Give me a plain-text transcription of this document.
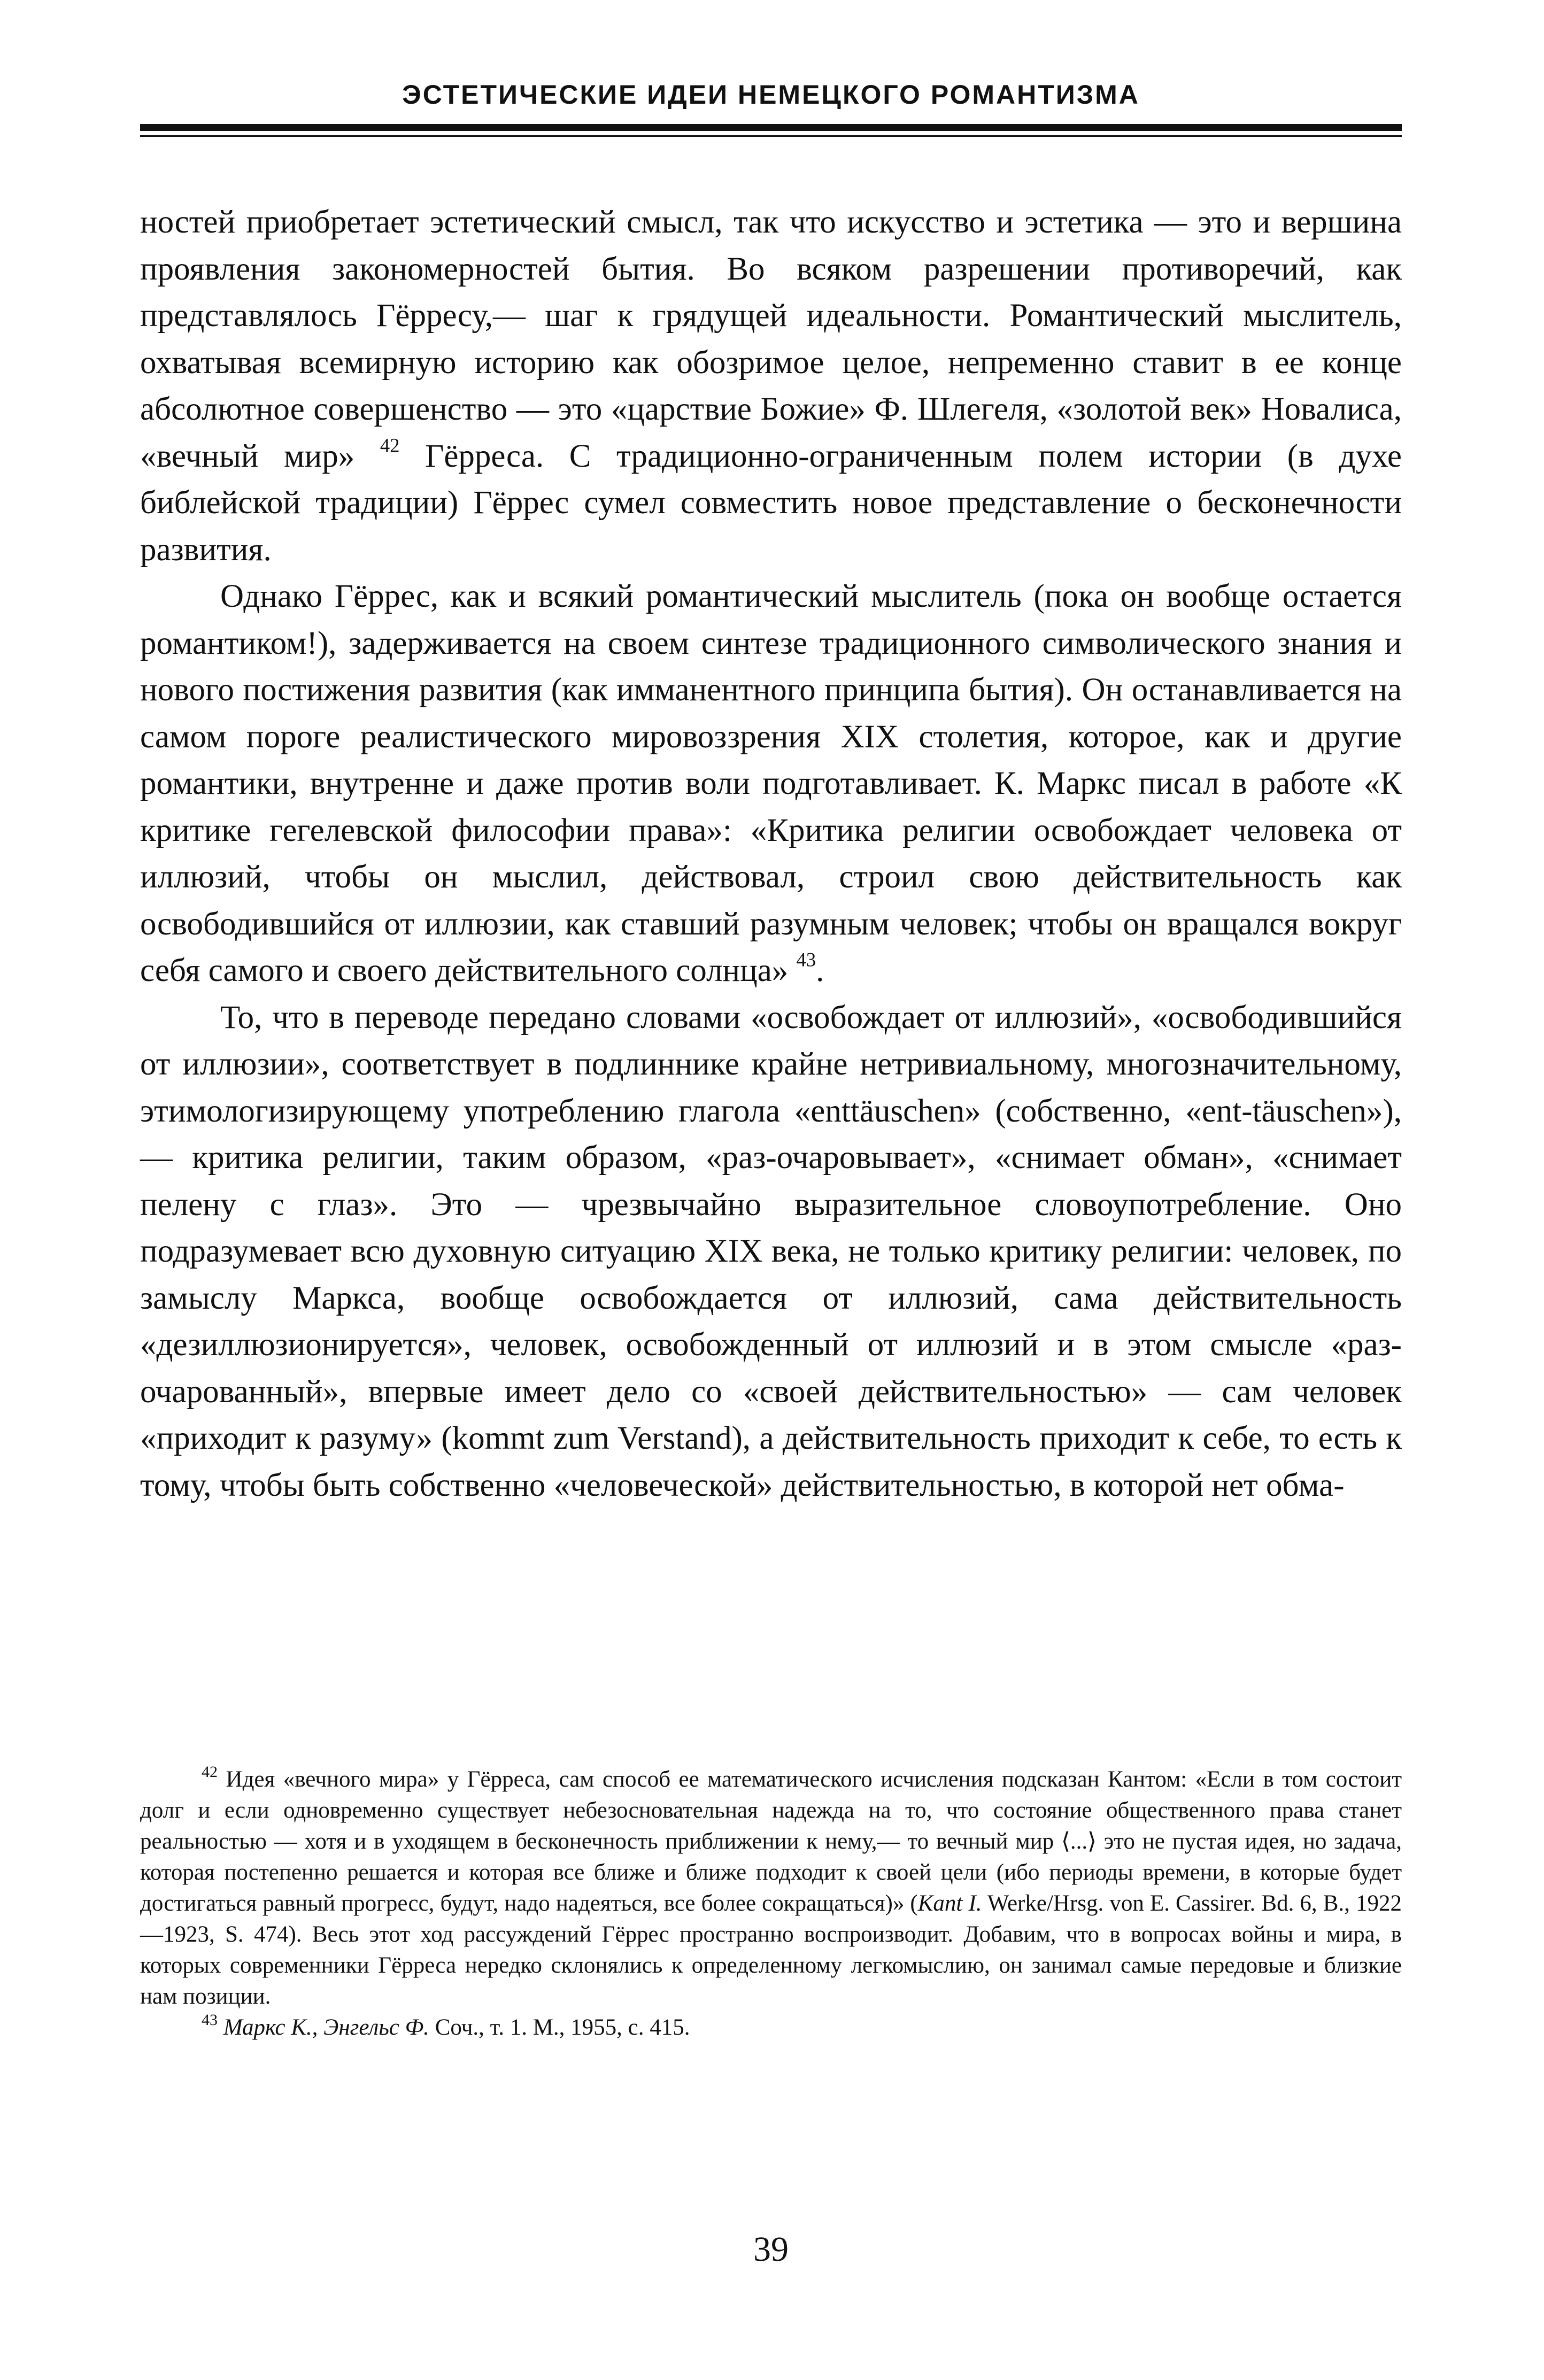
ЭСТЕТИЧЕСКИЕ ИДЕИ НЕМЕЦКОГО РОМАНТИЗМА

ностей приобретает эстетический смысл, так что искусство и эстетика — это и вершина проявления закономерностей бытия. Во всяком разрешении противоречий, как представлялось Гёрресу,— шаг к грядущей идеальности. Романтический мыслитель, охватывая всемирную историю как обозримое целое, непременно ставит в ее конце абсолютное совершенство — это «царствие Божие» Ф. Шлегеля, «золотой век» Новалиса, «вечный мир» $^{42}$ Гёрреса. С традиционно-ограниченным полем истории (в духе библейской традиции) Гёррес сумел совместить новое представление о бесконечности развития.

Однако Гёррес, как и всякий романтический мыслитель (пока он вообще остается романтиком!), задерживается на своем синтезе традиционного символического знания и нового постижения развития (как имманентного принципа бытия). Он останавливается на самом пороге реалистического мировоззрения XIX столетия, которое, как и другие романтики, внутренне и даже против воли подготавливает. К. Маркс писал в работе «К критике гегелевской философии права»: «Критика религии освобождает человека от иллюзий, чтобы он мыслил, действовал, строил свою действительность как освободившийся от иллюзии, как ставший разумным человек; чтобы он вращался вокруг себя самого и своего действительного солнца» $^{43}$.

То, что в переводе передано словами «освобождает от иллюзий», «освободившийся от иллюзии», соответствует в подлиннике крайне нетривиальному, многозначительному, этимологизирующему употреблению глагола «enttäuschen» (собственно, «ent-täuschen»),— критика религии, таким образом, «раз-очаровывает», «снимает обман», «снимает пелену с глаз». Это — чрезвычайно выразительное словоупотребление. Оно подразумевает всю духовную ситуацию XIX века, не только критику религии: человек, по замыслу Маркса, вообще освобождается от иллюзий, сама действительность «дезиллюзионируется», человек, освобожденный от иллюзий и в этом смысле «раз-очарованный», впервые имеет дело со «своей действительностью» — сам человек «приходит к разуму» (kommt zum Verstand), а действительность приходит к себе, то есть к тому, чтобы быть собственно «человеческой» действительностью, в которой нет обма-

$^{42}$ Идея «вечного мира» у Гёрреса, сам способ ее математического исчисления подсказан Кантом: «Если в том состоит долг и если одновременно существует небезосновательная надежда на то, что состояние общественного права станет реальностью — хотя и в уходящем в бесконечность приближении к нему,— то вечный мир ⟨...⟩ это не пустая идея, но задача, которая постепенно решается и которая все ближе и ближе подходит к своей цели (ибо периоды времени, в которые будет достигаться равный прогресс, будут, надо надеяться, все более сокращаться)» (Kant I. Werke/Hrsg. von E. Cassirer. Bd. 6, B., 1922—1923, S. 474). Весь этот ход рассуждений Гёррес пространно воспроизводит. Добавим, что в вопросах войны и мира, в которых современники Гёрреса нередко склонялись к определенному легкомыслию, он занимал самые передовые и близкие нам позиции.

$^{43}$ Маркс К., Энгельс Ф. Соч., т. 1. М., 1955, с. 415.

39
